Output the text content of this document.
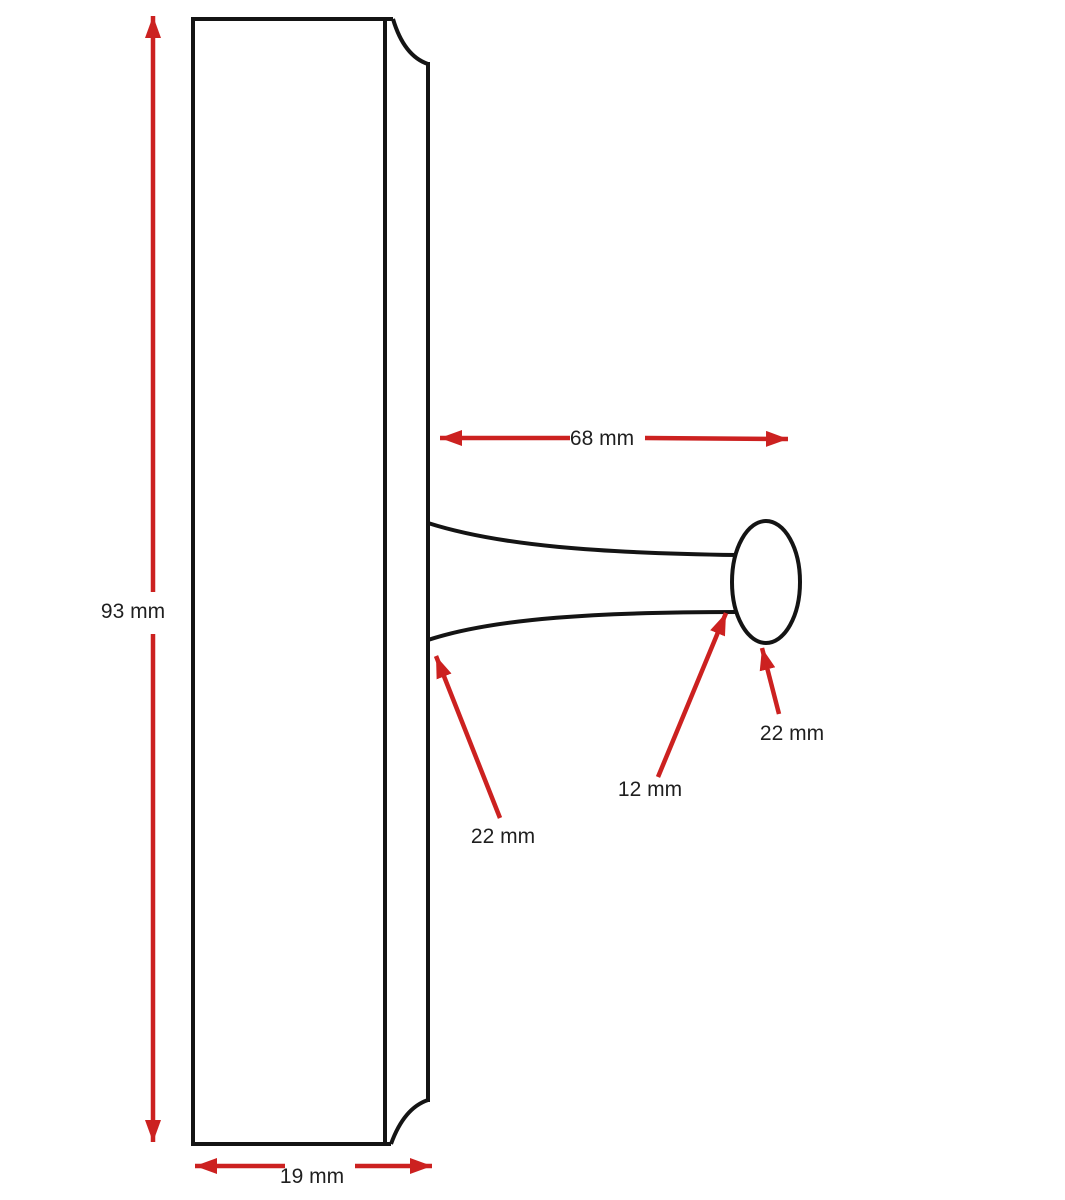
93 mm
68 mm
22 mm
12 mm
22 mm
19 mm
